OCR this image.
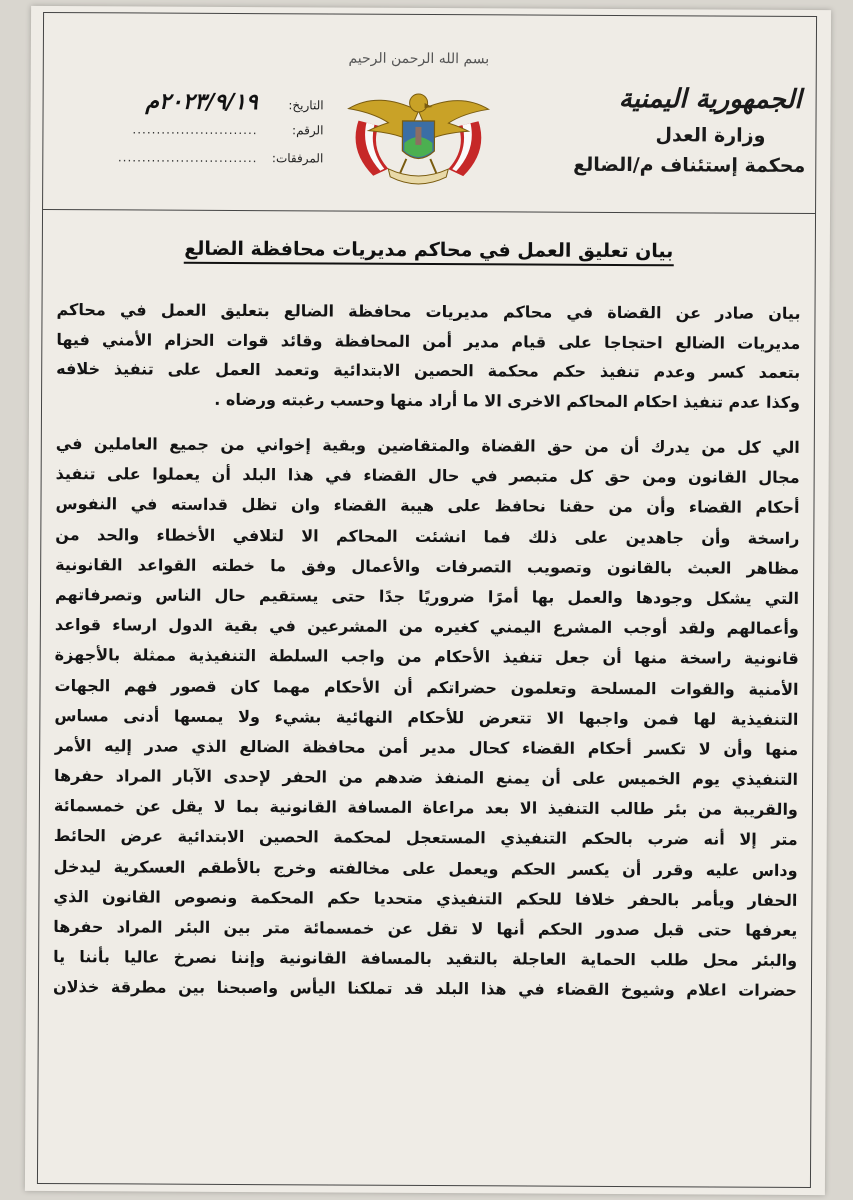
الجمهورية اليمنية
وزارة العدل
محكمة إستئناف م/الضالع
بسم الله الرحمن الرحيم
التاريخ: ٢٠٢٣/٩/١٩م
الرقم: ..........................
المرفقات: .............................
بيان تعليق العمل في محاكم مديريات محافظة الضالع
بيان صادر عن القضاة في محاكم مديريات محافظة الضالع بتعليق العمل في محاكم
مديريات الضالع احتجاجا على قيام مدير أمن المحافظة وقائد قوات الحزام الأمني فيها
بتعمد كسر وعدم تنفيذ حكم محكمة الحصين الابتدائية وتعمد العمل على تنفيذ خلافه
وكذا عدم تنفيذ احكام المحاكم الاخرى الا ما أراد منها وحسب رغبته ورضاه .
الي كل من يدرك أن من حق القضاة والمتقاضين وبقية إخواني من جميع العاملين في
مجال القانون ومن حق كل متبصر في حال القضاء في هذا البلد أن يعملوا على تنفيذ
أحكام القضاء وأن من حقنا نحافظ على هيبة القضاء وان تظل قداسته في النفوس
راسخة وأن جاهدين على ذلك فما انشئت المحاكم الا لتلافي الأخطاء والحد من
مظاهر العبث بالقانون وتصويب التصرفات والأعمال وفق ما خطته القواعد القانونية
التي يشكل وجودها والعمل بها أمرًا ضروريًا جدًا حتى يستقيم حال الناس وتصرفاتهم
وأعمالهم ولقد أوجب المشرع اليمني كغيره من المشرعين في بقية الدول ارساء قواعد
قانونية راسخة منها أن جعل تنفيذ الأحكام من واجب السلطة التنفيذية ممثلة بالأجهزة
الأمنية والقوات المسلحة وتعلمون حضراتكم أن الأحكام مهما كان قصور فهم الجهات
التنفيذية لها فمن واجبها الا تتعرض للأحكام النهائية بشيء ولا يمسها أدنى مساس
منها وأن لا تكسر أحكام القضاء كحال مدير أمن محافظة الضالع الذي صدر إليه الأمر
التنفيذي يوم الخميس على أن يمنع المنفذ ضدهم من الحفر لإحدى الآبار المراد حفرها
والقريبة من بئر طالب التنفيذ الا بعد مراعاة المسافة القانونية بما لا يقل عن خمسمائة
متر إلا أنه ضرب بالحكم التنفيذي المستعجل لمحكمة الحصين الابتدائية عرض الحائط
وداس عليه وقرر أن يكسر الحكم ويعمل على مخالفته وخرج بالأطقم العسكرية ليدخل
الحفار ويأمر بالحفر خلافا للحكم التنفيذي متحديا حكم المحكمة ونصوص القانون الذي
يعرفها حتى قبل صدور الحكم أنها لا تقل عن خمسمائة متر بين البئر المراد حفرها
والبئر محل طلب الحماية العاجلة بالتقيد بالمسافة القانونية وإننا نصرخ عاليا بأننا يا
حضرات اعلام وشيوخ القضاء في هذا البلد قد تملكنا اليأس واصبحنا بين مطرقة خذلان
